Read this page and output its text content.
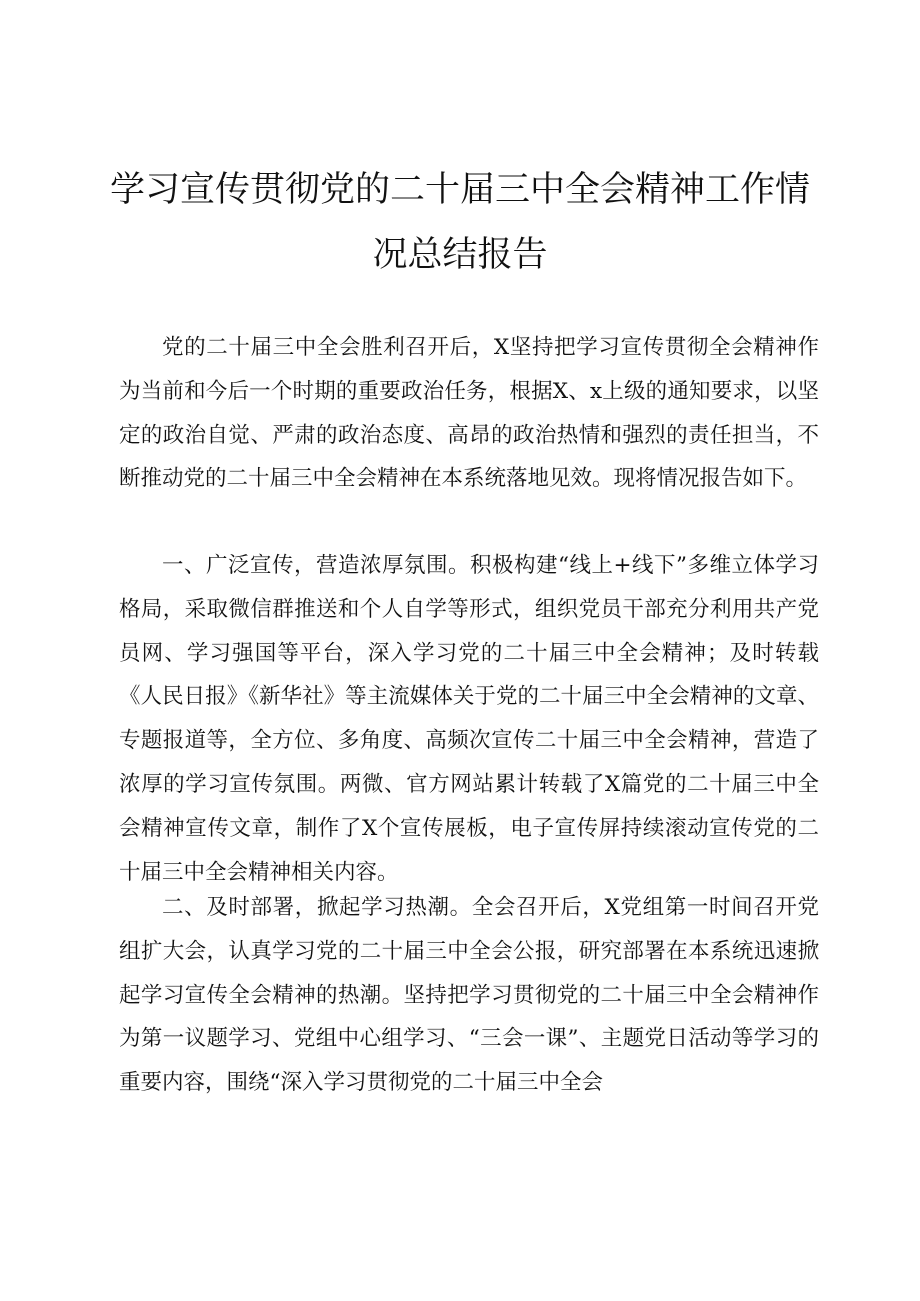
学习宣传贯彻党的二十届三中全会精神工作情
况总结报告

党的二十届三中全会胜利召开后，X坚持把学习宣传贯彻全会精神作为当前和今后一个时期的重要政治任务，根据X、x上级的通知要求，以坚定的政治自觉、严肃的政治态度、高昂的政治热情和强烈的责任担当，不断推动党的二十届三中全会精神在本系统落地见效。现将情况报告如下。

一、广泛宣传，营造浓厚氛围。积极构建“线上+线下”多维立体学习格局，采取微信群推送和个人自学等形式，组织党员干部充分利用共产党员网、学习强国等平台，深入学习党的二十届三中全会精神；及时转载《人民日报》《新华社》等主流媒体关于党的二十届三中全会精神的文章、专题报道等，全方位、多角度、高频次宣传二十届三中全会精神，营造了浓厚的学习宣传氛围。两微、官方网站累计转载了X篇党的二十届三中全会精神宣传文章，制作了X个宣传展板，电子宣传屏持续滚动宣传党的二十届三中全会精神相关内容。

二、及时部署，掀起学习热潮。全会召开后，X党组第一时间召开党组扩大会，认真学习党的二十届三中全会公报，研究部署在本系统迅速掀起学习宣传全会精神的热潮。坚持把学习贯彻党的二十届三中全会精神作为第一议题学习、党组中心组学习、“三会一课”、主题党日活动等学习的重要内容，围绕“深入学习贯彻党的二十届三中全会
